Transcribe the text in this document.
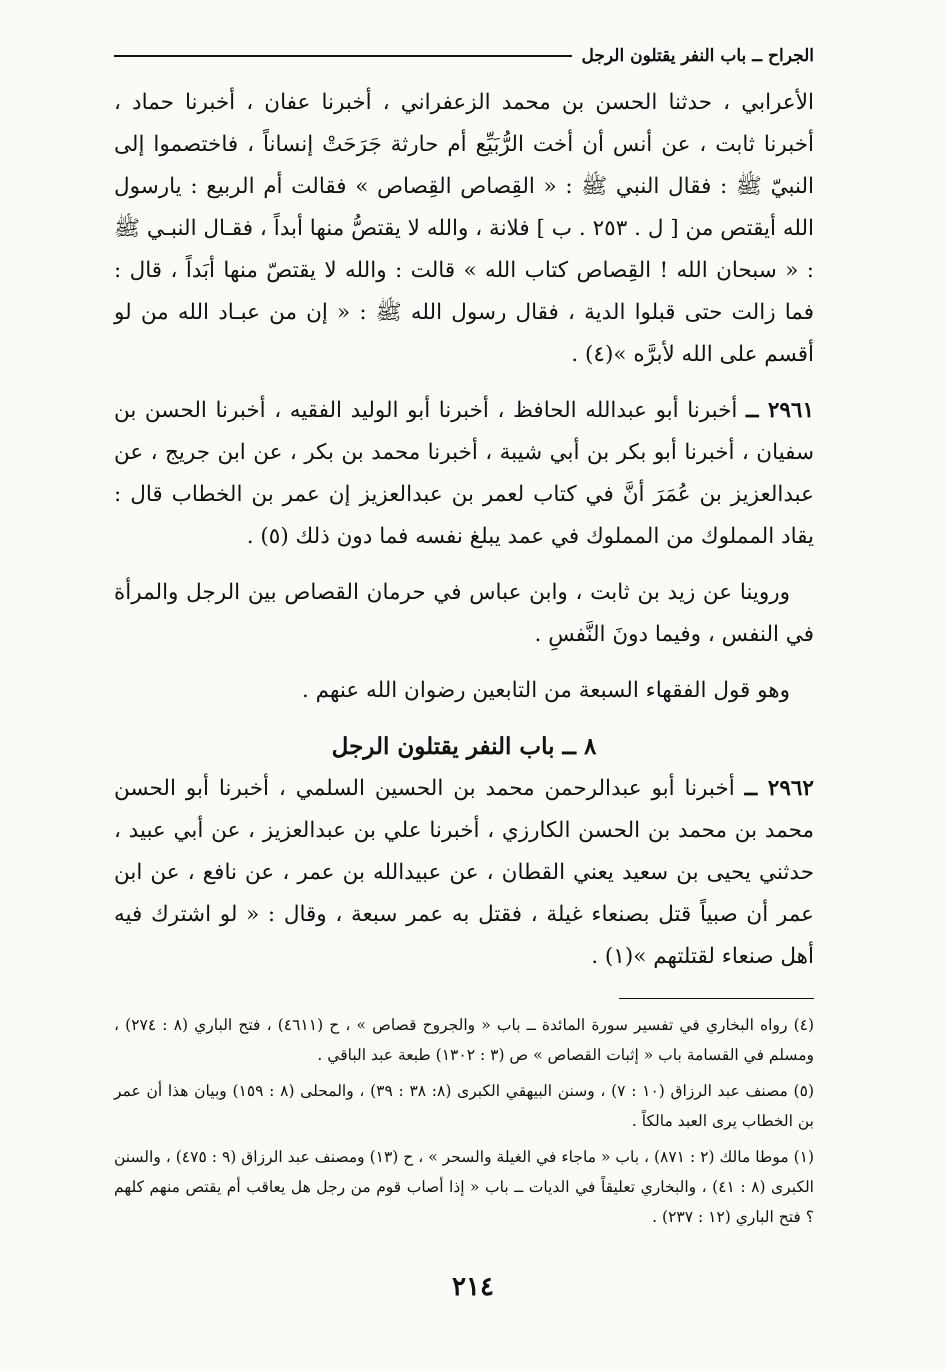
الجراح ــ باب النفر يقتلون الرجل

الأعرابي ، حدثنا الحسن بن محمد الزعفراني ، أخبرنا عفان ، أخبرنا حماد ، أخبرنا ثابت ، عن أنس أن أخت الرُّبَيِّع أم حارثة جَرَحَتْ إنساناً ، فاختصموا إلى النبيّ ﷺ : فقال النبي ﷺ : « القِصاص القِصاص » فقالت أم الربيع : يارسول الله أيقتص من [ ل . ٢٥٣ . ب ] فلانة ، والله لا يقتصُّ منها أبداً ، فقـال النبـي ﷺ : « سبحان الله ! القِصاص كتاب الله » قالت : والله لا يقتصّ منها أبَداً ، قال : فما زالت حتى قبلوا الدية ، فقال رسول الله ﷺ : « إن من عبـاد الله من لو أقسم على الله لأبرَّه »(٤) .

٢٩٦١ ــ أخبرنا أبو عبدالله الحافظ ، أخبرنا أبو الوليد الفقيه ، أخبرنا الحسن بن سفيان ، أخبرنا أبو بكر بن أبي شيبة ، أخبرنا محمد بن بكر ، عن ابن جريج ، عن عبدالعزيز بن عُمَرَ أنَّ في كتاب لعمر بن عبدالعزيز إن عمر بن الخطاب قال : يقاد المملوك من المملوك في عمد يبلغ نفسه فما دون ذلك (٥) .

وروينا عن زيد بن ثابت ، وابن عباس في حرمان القصاص بين الرجل والمرأة في النفس ، وفيما دونَ النَّفسِ .

وهو قول الفقهاء السبعة من التابعين رضوان الله عنهم .

٨ ــ باب النفر يقتلون الرجل

٢٩٦٢ ــ أخبرنا أبو عبدالرحمن محمد بن الحسين السلمي ، أخبرنا أبو الحسن محمد بن محمد بن الحسن الكارزي ، أخبرنا علي بن عبدالعزيز ، عن أبي عبيد ، حدثني يحيى بن سعيد يعني القطان ، عن عبيدالله بن عمر ، عن نافع ، عن ابن عمر أن صبياً قتل بصنعاء غيلة ، فقتل به عمر سبعة ، وقال : « لو اشترك فيه أهل صنعاء لقتلتهم »(١) .

(٤) رواه البخاري في تفسير سورة المائدة ــ باب « والجروح قصاص » ، ح (٤٦١١) ، فتح الباري (٨ : ٢٧٤) ، ومسلم في القسامة باب « إثبات القصاص » ص (٣ : ١٣٠٢) طبعة عبد الباقي .

(٥) مصنف عبد الرزاق (١٠ : ٧) ، وسنن البيهقي الكبرى (٨: ٣٨ : ٣٩) ، والمحلى (٨ : ١٥٩) وبيان هذا أن عمر بن الخطاب يرى العبد مالكاً .

(١) موطا مالك (٢ : ٨٧١) ، باب « ماجاء في الغيلة والسحر » ، ح (١٣) ومصنف عبد الرزاق (٩ : ٤٧٥) ، والسنن الكبرى (٨ : ٤١) ، والبخاري تعليقاً في الديات ــ باب « إذا أصاب قوم من رجل هل يعاقب أم يقتص منهم كلهم ؟ فتح الباري (١٢ : ٢٣٧) .

٢١٤
